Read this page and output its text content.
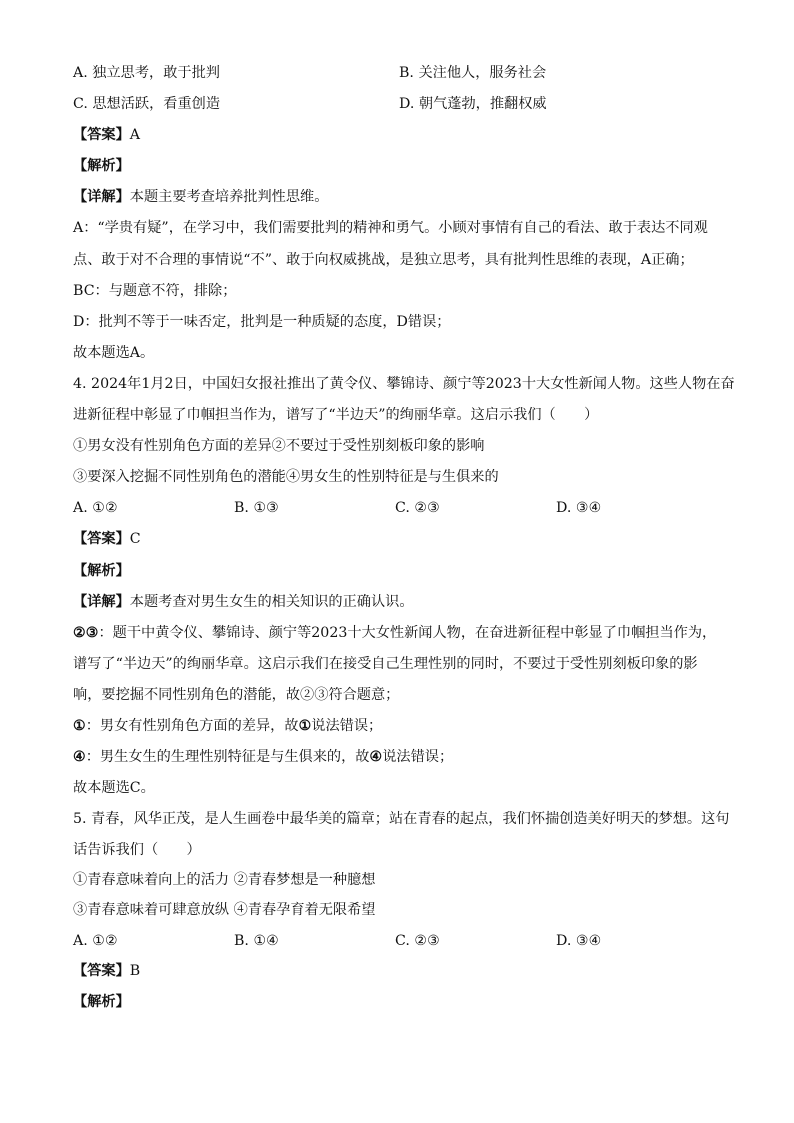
A. 独立思考，敢于批判	B. 关注他人，服务社会
C. 思想活跃，看重创造	D. 朝气蓬勃，推翻权威
【答案】A
【解析】
【详解】本题主要考查培养批判性思维。
A：“学贵有疑”，在学习中，我们需要批判的精神和勇气。小顾对事情有自己的看法、敢于表达不同观
点、敢于对不合理的事情说“不”、敢于向权威挑战，是独立思考，具有批判性思维的表现，A正确；
BC：与题意不符，排除；
D：批判不等于一味否定，批判是一种质疑的态度，D错误；
故本题选A。
4. 2024年1月2日，中国妇女报社推出了黄令仪、攀锦诗、颜宁等2023十大女性新闻人物。这些人物在奋
进新征程中彰显了巾帼担当作为，谱写了“半边天”的绚丽华章。这启示我们（　　）
①男女没有性别角色方面的差异②不要过于受性别刻板印象的影响
③要深入挖掘不同性别角色的潜能④男女生的性别特征是与生俱来的
A. ①②	B. ①③	C. ②③	D. ③④
【答案】C
【解析】
【详解】本题考查对男生女生的相关知识的正确认识。
②③：题干中黄令仪、攀锦诗、颜宁等2023十大女性新闻人物，在奋进新征程中彰显了巾帼担当作为，
谱写了“半边天”的绚丽华章。这启示我们在接受自己生理性别的同时，不要过于受性别刻板印象的影
响，要挖掘不同性别角色的潜能，故②③符合题意；
①：男女有性别角色方面的差异，故①说法错误；
④：男生女生的生理性别特征是与生俱来的，故④说法错误；
故本题选C。
5. 青春，风华正茂，是人生画卷中最华美的篇章；站在青春的起点，我们怀揣创造美好明天的梦想。这句
话告诉我们（　　）
①青春意味着向上的活力 ②青春梦想是一种臆想
③青春意味着可肆意放纵 ④青春孕育着无限希望
A. ①②	B. ①④	C. ②③	D. ③④
【答案】B
【解析】
